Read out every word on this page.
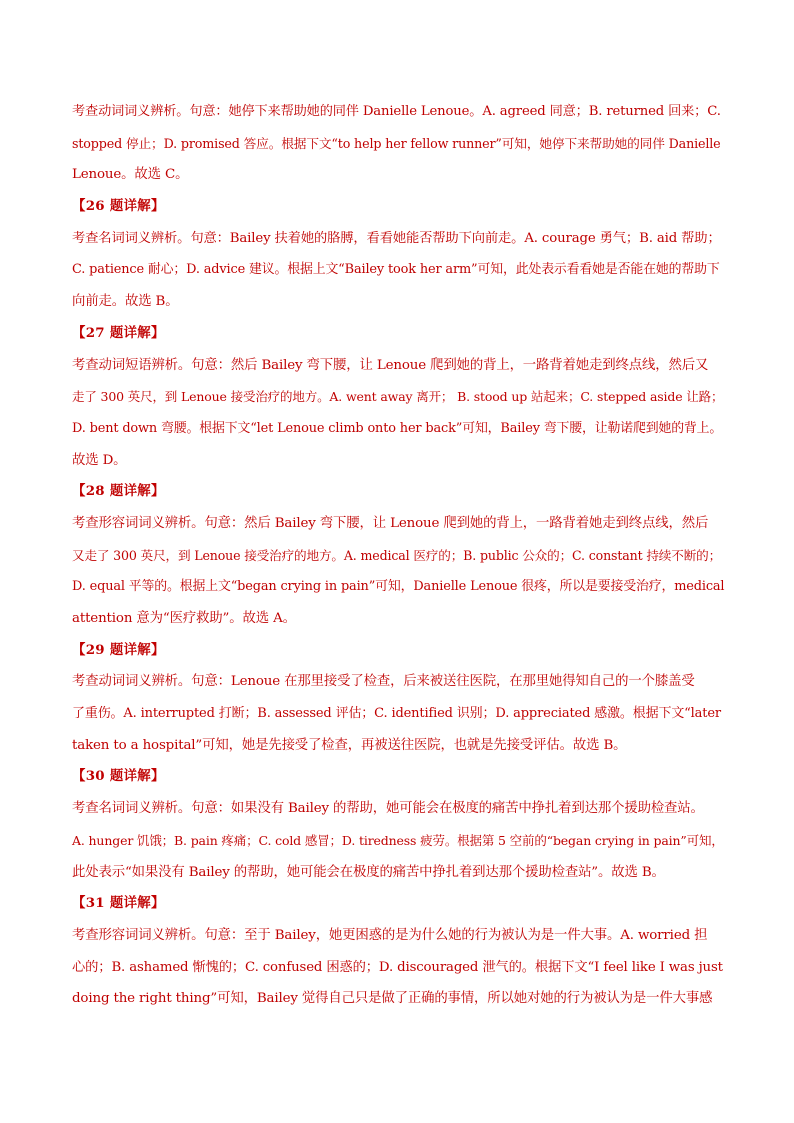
考查动词词义辨析。句意：她停下来帮助她的同伴 Danielle Lenoue。A. agreed 同意；B. returned 回来；C.
stopped 停止；D. promised 答应。根据下文“to help her fellow runner”可知，她停下来帮助她的同伴 Danielle
Lenoue。故选 C。
【26 题详解】
考查名词词义辨析。句意：Bailey 扶着她的胳膊，看看她能否帮助下向前走。A. courage 勇气；B. aid 帮助；
C. patience 耐心；D. advice 建议。根据上文“Bailey took her arm”可知，此处表示看看她是否能在她的帮助下
向前走。故选 B。
【27 题详解】
考查动词短语辨析。句意：然后 Bailey 弯下腰，让 Lenoue 爬到她的背上，一路背着她走到终点线，然后又
走了 300 英尺，到 Lenoue 接受治疗的地方。A. went away 离开； B. stood up 站起来；C. stepped aside 让路；
D. bent down 弯腰。根据下文“let Lenoue climb onto her back”可知，Bailey 弯下腰，让勒诺爬到她的背上。
故选 D。
【28 题详解】
考查形容词词义辨析。句意：然后 Bailey 弯下腰，让 Lenoue 爬到她的背上，一路背着她走到终点线，然后
又走了 300 英尺，到 Lenoue 接受治疗的地方。A. medical 医疗的；B. public 公众的；C. constant 持续不断的；
D. equal 平等的。根据上文“began crying in pain”可知，Danielle Lenoue 很疼，所以是要接受治疗，medical
attention 意为“医疗救助”。故选 A。
【29 题详解】
考查动词词义辨析。句意：Lenoue 在那里接受了检查，后来被送往医院，在那里她得知自己的一个膝盖受
了重伤。A. interrupted 打断；B. assessed 评估；C. identified 识别；D. appreciated 感激。根据下文“later
taken to a hospital”可知，她是先接受了检查，再被送往医院，也就是先接受评估。故选 B。
【30 题详解】
考查名词词义辨析。句意：如果没有 Bailey 的帮助，她可能会在极度的痛苦中挣扎着到达那个援助检查站。
A. hunger 饥饿；B. pain 疼痛；C. cold 感冒；D. tiredness 疲劳。根据第 5 空前的“began crying in pain”可知，
此处表示“如果没有 Bailey 的帮助，她可能会在极度的痛苦中挣扎着到达那个援助检查站”。故选 B。
【31 题详解】
考查形容词词义辨析。句意：至于 Bailey，她更困惑的是为什么她的行为被认为是一件大事。A. worried 担
心的；B. ashamed 惭愧的；C. confused 困惑的；D. discouraged 泄气的。根据下文“I feel like I was just
doing the right thing”可知，Bailey 觉得自己只是做了正确的事情，所以她对她的行为被认为是一件大事感
